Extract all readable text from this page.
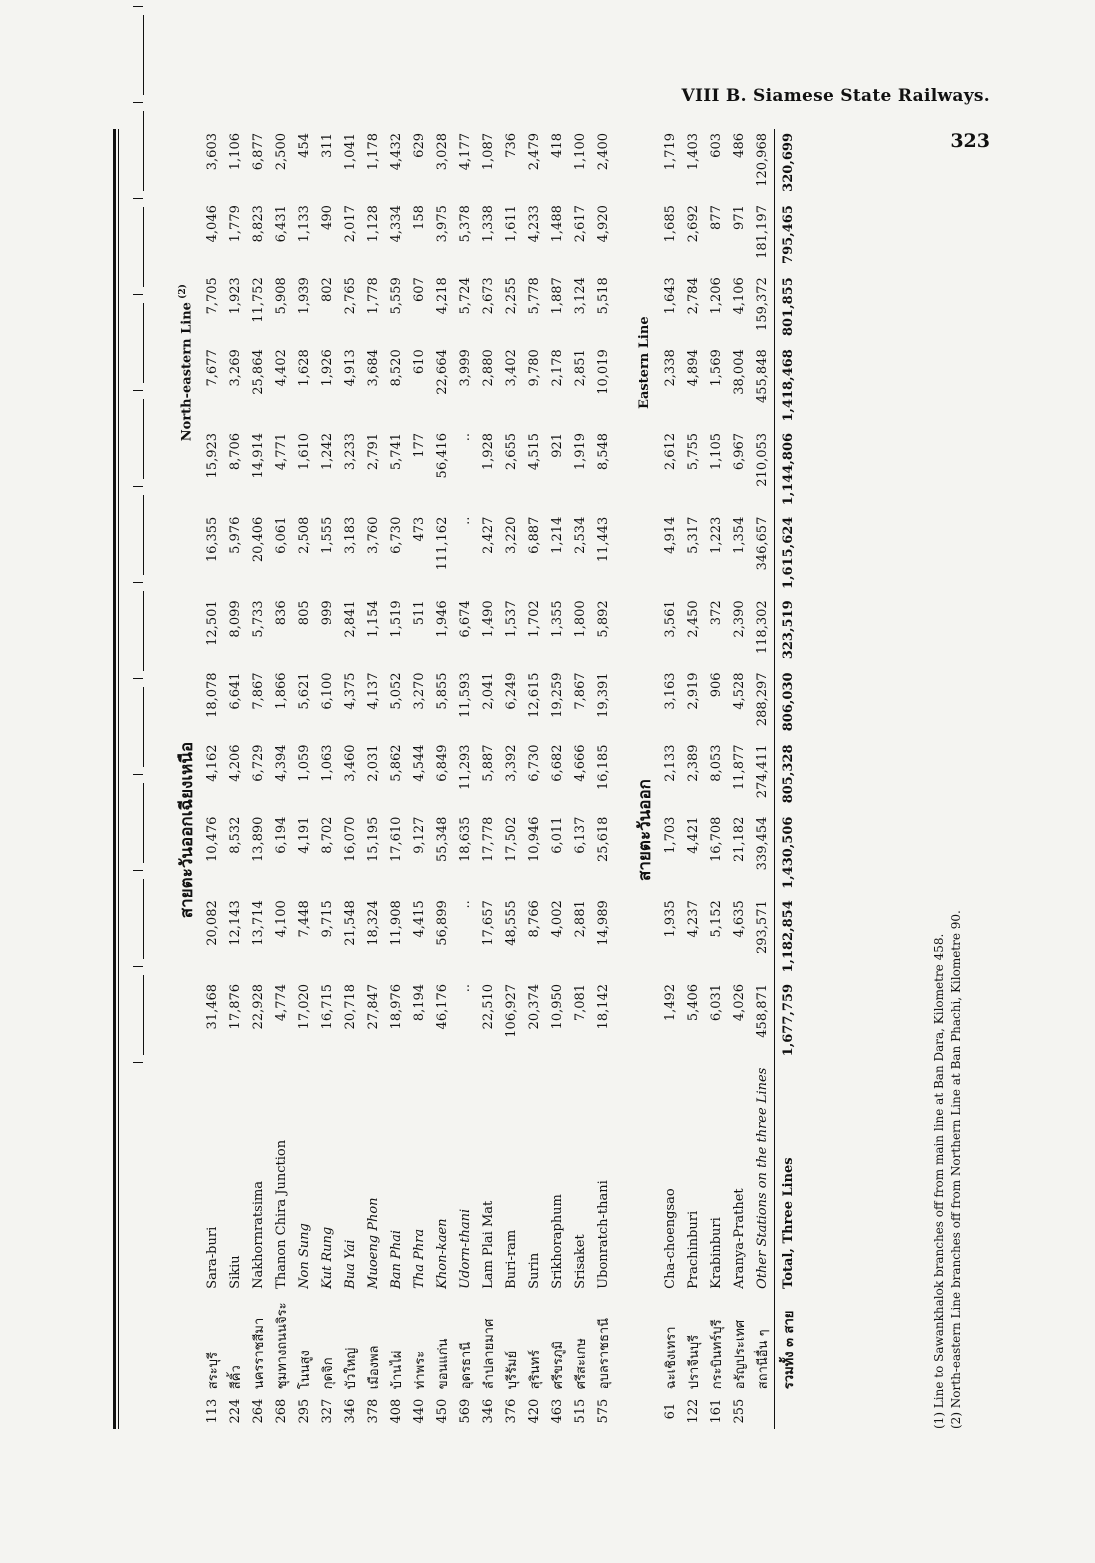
VIII B. Siamese State Railways.
323
			สายตะวันออกเฉียงเหนือ						North-eastern Line $^{(2)}$
113	สระบุรี	Sara-buri	31,468	20,082	10,476	4,162	18,078	12,501	16,355	15,923	7,677	7,705	4,046	3,603
224	สีคิ้ว	Sikiu	17,876	12,143	8,532	4,206	6,641	8,099	5,976	8,706	3,269	1,923	1,779	1,106
264	นครราชสีมา	Nakhornratsima	22,928	13,714	13,890	6,729	7,867	5,733	20,406	14,914	25,864	11,752	8,823	6,877
268	ชุมทางถนนจิระ	Thanon Chira Junction	4,774	4,100	6,194	4,394	1,866	836	6,061	4,771	4,402	5,908	6,431	2,500
295	โนนสูง	Non Sung	17,020	7,448	4,191	1,059	5,621	805	2,508	1,610	1,628	1,939	1,133	454
327	กุดจิก	Kut Rung	16,715	9,715	8,702	1,063	6,100	999	1,555	1,242	1,926	802	490	311
346	บัวใหญ่	Bua Yai	20,718	21,548	16,070	3,460	4,375	2,841	3,183	3,233	4,913	2,765	2,017	1,041
378	เมืองพล	Muoeng Phon	27,847	18,324	15,195	2,031	4,137	1,154	3,760	2,791	3,684	1,778	1,128	1,178
408	บ้านไผ่	Ban Phai	18,976	11,908	17,610	5,862	5,052	1,519	6,730	5,741	8,520	5,559	4,334	4,432
440	ท่าพระ	Tha Phra	8,194	4,415	9,127	4,544	3,270	511	473	177	610	607	158	629
450	ขอนแก่น	Khon-kaen	46,176	56,899	55,348	6,849	5,855	1,946	111,162	56,416	22,664	4,218	3,975	3,028
569	อุดรธานี	Udorn-thani	..	..	18,635	11,293	11,593	6,674	..	..	3,999	5,724	5,378	4,177
346	ลำปลายมาศ	Lam Plai Mat	22,510	17,657	17,778	5,887	2,041	1,490	2,427	1,928	2,880	2,673	1,338	1,087
376	บุรีรัมย์	Buri-ram	106,927	48,555	17,502	3,392	6,249	1,537	3,220	2,655	3,402	2,255	1,611	736
420	สุรินทร์	Surin	20,374	8,766	10,946	6,730	12,615	1,702	6,887	4,515	9,780	5,778	4,233	2,479
463	ศรีขรภูมิ	Srikhoraphum	10,950	4,002	6,011	6,682	19,259	1,355	1,214	921	2,178	1,887	1,488	418
515	ศรีสะเกษ	Srisaket	7,081	2,881	6,137	4,666	7,867	1,800	2,534	1,919	2,851	3,124	2,617	1,100
575	อุบลราชธานี	Ubonratch-thani	18,142	14,989	25,618	16,185	19,391	5,892	11,443	8,548	10,019	5,518	4,920	2,400

			สายตะวันออก						Eastern Line					
61	ฉะเชิงเทรา	Cha-choengsao	1,492	1,935	1,703	2,133	3,163	3,561	4,914	2,612	2,338	1,643	1,685	1,719
122	ปราจีนบุรี	Prachinburi	5,406	4,237	4,421	2,389	2,919	2,450	5,317	5,755	4,894	2,784	2,692	1,403
161	กระบินทร์บุรี	Krabinburi	6,031	5,152	16,708	8,053	906	372	1,223	1,105	1,569	1,206	877	603
255	อรัญประเทศ	Aranya-Prathet	4,026	4,635	21,182	11,877	4,528	2,390	1,354	6,967	38,004	4,106	971	486
	สถานีอื่น ๆ	Other Stations on the three Lines	458,871	293,571	339,454	274,411	288,297	118,302	346,657	210,053	455,848	159,372	181,197	120,968
	รวมทั้ง ๓ สาย	Total, Three Lines	1,677,759	1,182,854	1,430,506	805,328	806,030	323,519	1,615,624	1,144,806	1,418,468	801,855	795,465	320,699
(1) Line to Sawankhalok branches off from main line at Ban Dara, Kilometre 458. (2) North-eastern Line branches off from Northern Line at Ban Phachi, Kilometre 90.
